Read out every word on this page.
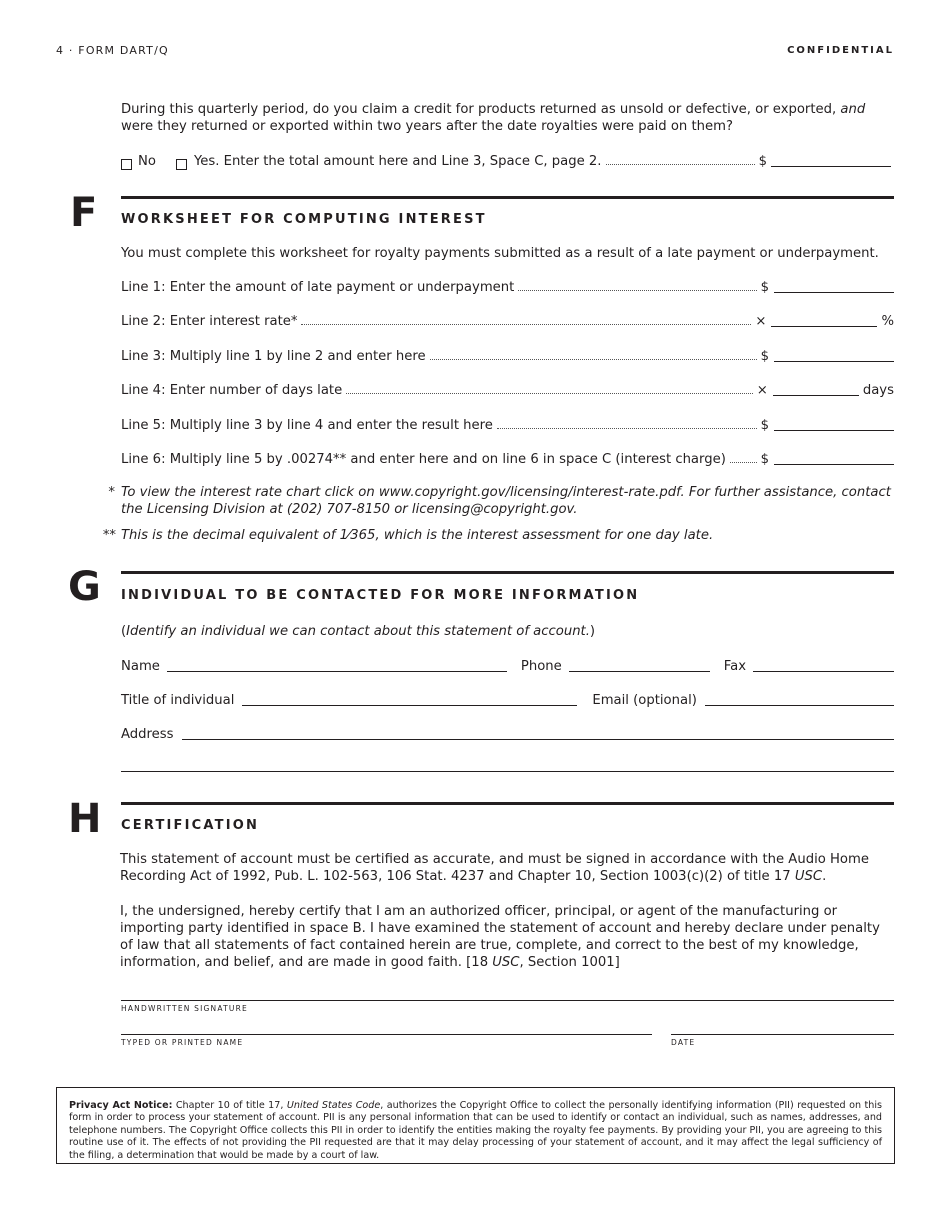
4 · FORM DART/Q	CONFIDENTIAL
During this quarterly period, do you claim a credit for products returned as unsold or defective, or exported, and were they returned or exported within two years after the date royalties were paid on them?
No	Yes. Enter the total amount here and Line 3, Space C, page 2.	$
F WORKSHEET FOR COMPUTING INTEREST
You must complete this worksheet for royalty payments submitted as a result of a late payment or underpayment.
Line 1: Enter the amount of late payment or underpayment	$
Line 2: Enter interest rate*	×	%
Line 3: Multiply line 1 by line 2 and enter here	$
Line 4: Enter number of days late	×	days
Line 5: Multiply line 3 by line 4 and enter the result here	$
Line 6: Multiply line 5 by .00274** and enter here and on line 6 in space C (interest charge)	$
* To view the interest rate chart click on www.copyright.gov/licensing/interest-rate.pdf. For further assistance, contact the Licensing Division at (202) 707-8150 or licensing@copyright.gov.
** This is the decimal equivalent of 1⁄365, which is the interest assessment for one day late.
G INDIVIDUAL TO BE CONTACTED FOR MORE INFORMATION
(Identify an individual we can contact about this statement of account.)
Name	Phone	Fax
Title of individual	Email (optional)
Address
H CERTIFICATION
This statement of account must be certified as accurate, and must be signed in accordance with the Audio Home Recording Act of 1992, Pub. L. 102-563, 106 Stat. 4237 and Chapter 10, Section 1003(c)(2) of title 17 USC.
I, the undersigned, hereby certify that I am an authorized officer, principal, or agent of the manufacturing or importing party identified in space B. I have examined the statement of account and hereby declare under penalty of law that all statements of fact contained herein are true, complete, and correct to the best of my knowledge, information, and belief, and are made in good faith. [18 USC, Section 1001]
HANDWRITTEN SIGNATURE
TYPED OR PRINTED NAME	DATE
Privacy Act Notice: Chapter 10 of title 17, United States Code, authorizes the Copyright Office to collect the personally identifying information (PII) requested on this form in order to process your statement of account. PII is any personal information that can be used to identify or contact an individual, such as names, addresses, and telephone numbers. The Copyright Office collects this PII in order to identify the entities making the royalty fee payments. By providing your PII, you are agreeing to this routine use of it. The effects of not providing the PII requested are that it may delay processing of your statement of account, and it may affect the legal sufficiency of the filing, a determination that would be made by a court of law.
